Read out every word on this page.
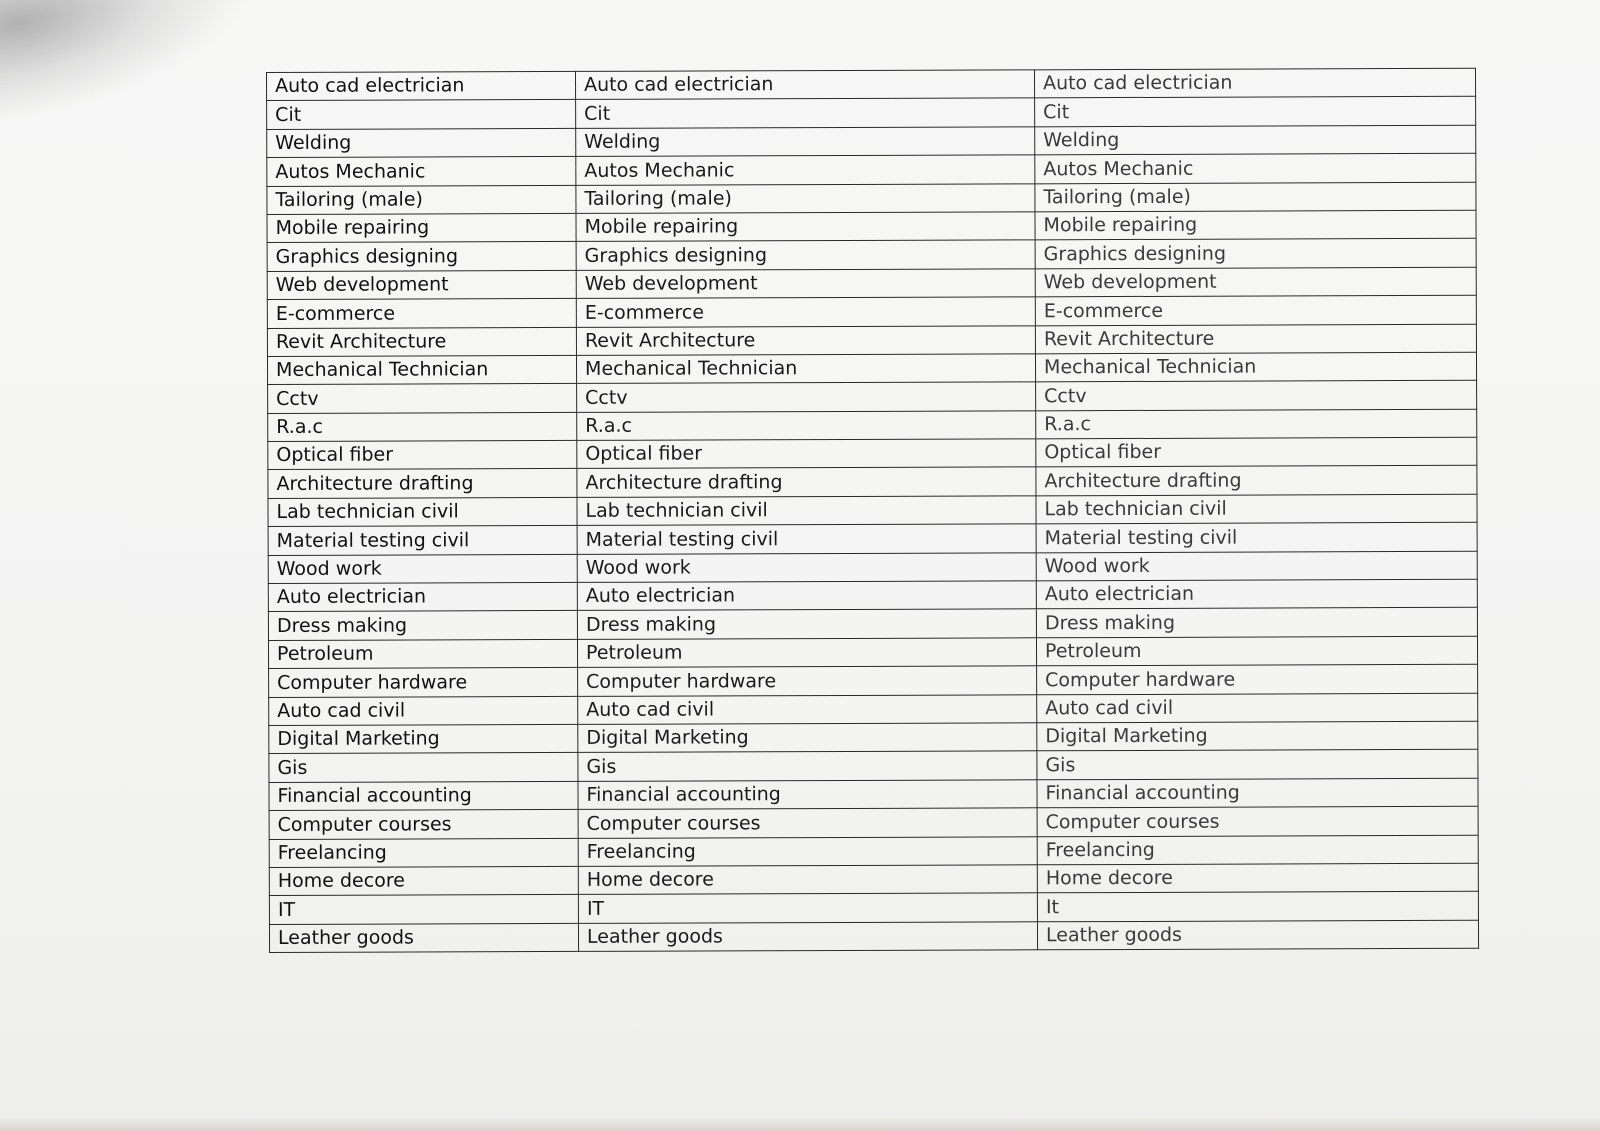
Auto cad electrician	Auto cad electrician	Auto cad electrician
Cit	Cit	Cit
Welding	Welding	Welding
Autos Mechanic	Autos Mechanic	Autos Mechanic
Tailoring (male)	Tailoring (male)	Tailoring (male)
Mobile repairing	Mobile repairing	Mobile repairing
Graphics designing	Graphics designing	Graphics designing
Web development	Web development	Web development
E-commerce	E-commerce	E-commerce
Revit Architecture	Revit Architecture	Revit Architecture
Mechanical Technician	Mechanical Technician	Mechanical Technician
Cctv	Cctv	Cctv
R.a.c	R.a.c	R.a.c
Optical fiber	Optical fiber	Optical fiber
Architecture drafting	Architecture drafting	Architecture drafting
Lab technician civil	Lab technician civil	Lab technician civil
Material testing civil	Material testing civil	Material testing civil
Wood work	Wood work	Wood work
Auto electrician	Auto electrician	Auto electrician
Dress making	Dress making	Dress making
Petroleum	Petroleum	Petroleum
Computer hardware	Computer hardware	Computer hardware
Auto cad civil	Auto cad civil	Auto cad civil
Digital Marketing	Digital Marketing	Digital Marketing
Gis	Gis	Gis
Financial accounting	Financial accounting	Financial accounting
Computer courses	Computer courses	Computer courses
Freelancing	Freelancing	Freelancing
Home decore	Home decore	Home decore
IT	IT	It
Leather goods	Leather goods	Leather goods
